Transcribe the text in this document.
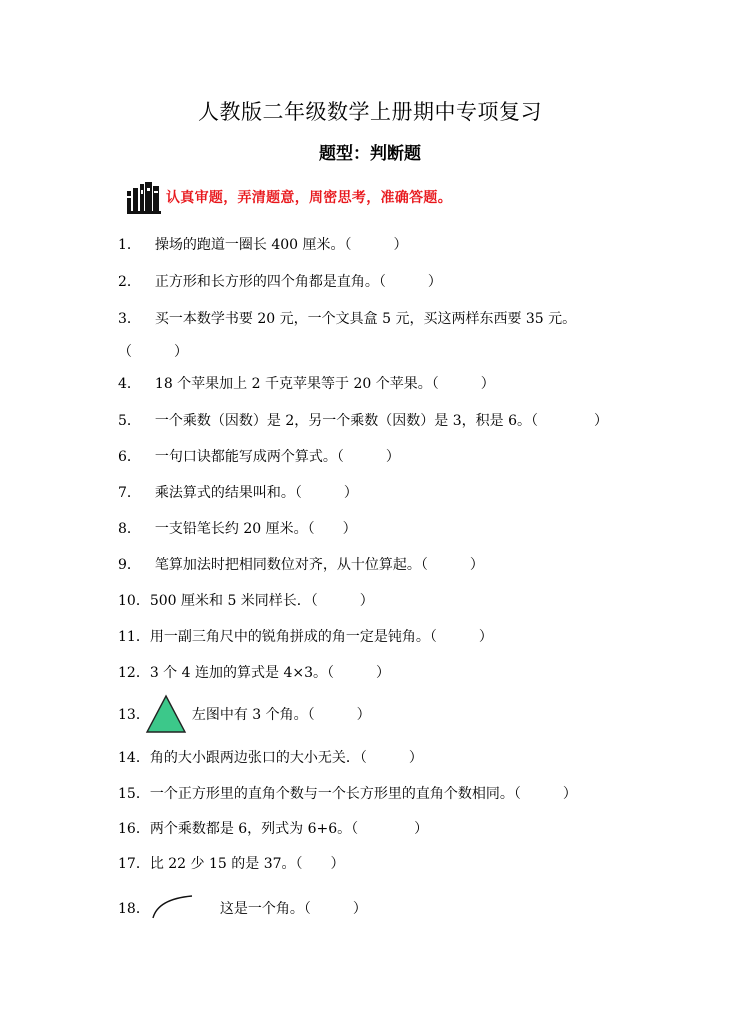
人教版二年级数学上册期中专项复习
题型：判断题
认真审题，弄清题意，周密思考，准确答题。
1．　 操场的跑道一圈长 400 厘米。（　　　）
2．　 正方形和长方形的四个角都是直角。（　　　）
3．　 买一本数学书要 20 元，一个文具盒 5 元，买这两样东西要 35 元。
（　　　）
4．　 18 个苹果加上 2 千克苹果等于 20 个苹果。（　　　）
5．　 一个乘数（因数）是 2，另一个乘数（因数）是 3，积是 6。（　　　　）
6．　 一句口诀都能写成两个算式。（　　　）
7．　 乘法算式的结果叫和。（　　　）
8．　 一支铅笔长约 20 厘米。（　　）
9．　 笔算加法时把相同数位对齐，从十位算起。（　　　）
10．500 厘米和 5 米同样长．（　　　）
11．用一副三角尺中的锐角拼成的角一定是钝角。（　　　）
12．3 个 4 连加的算式是 4×3。（　　　）
13．	左图中有 3 个角。（　　　）
14．角的大小跟两边张口的大小无关．（　　　）
15．一个正方形里的直角个数与一个长方形里的直角个数相同。（　　　）
16．两个乘数都是 6，列式为 6+6。（　　　　）
17．比 22 少 15 的是 37。（　　）
18．	这是一个角。（　　　）
